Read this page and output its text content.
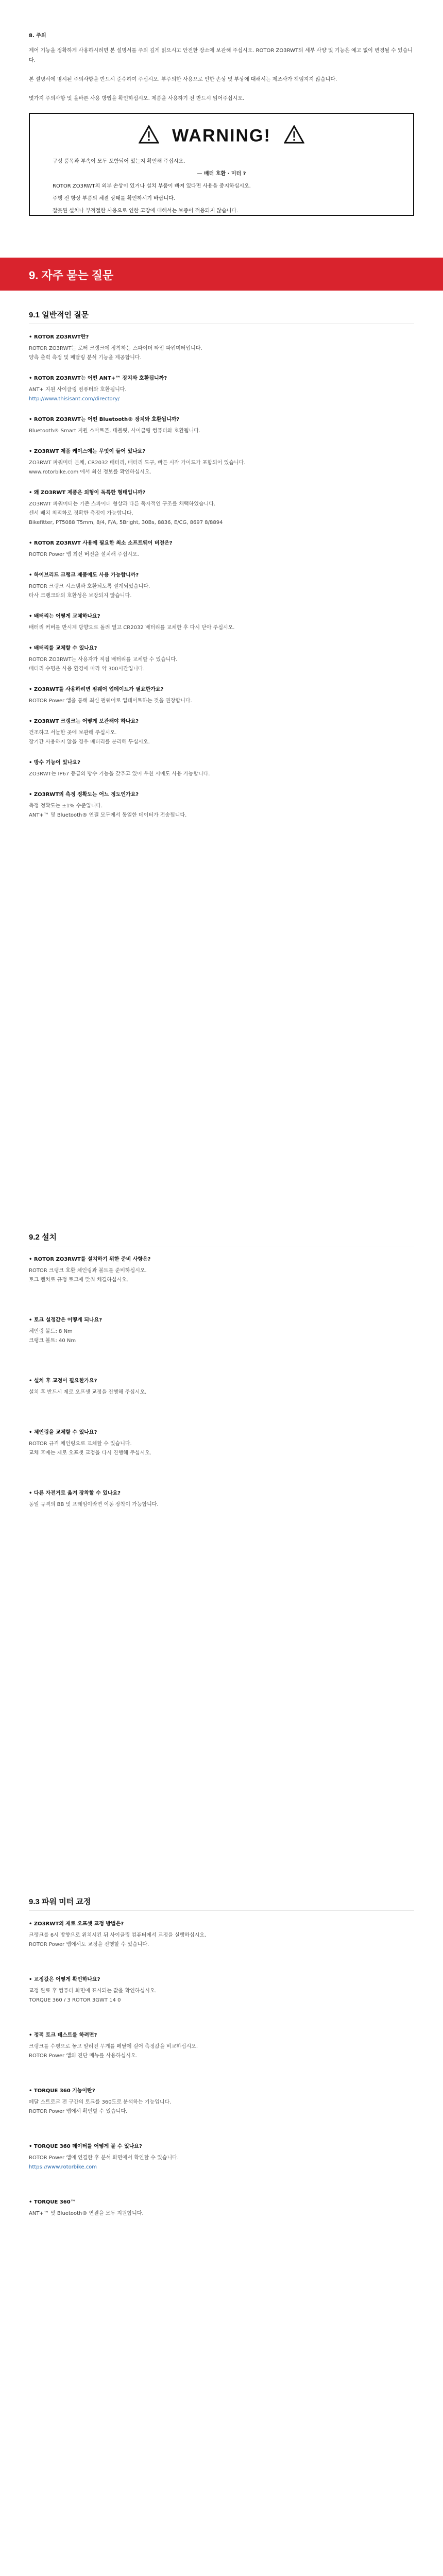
8. 주의

제어 기능을 정확하게 사용하시려면 본 설명서를 주의 깊게 읽으시고 안전한 장소에 보관해 주십시오. ROTOR ZO3RWT의 세부 사양 및 기능은 예고 없이 변경될 수 있습니다.

본 설명서에 명시된 주의사항을 반드시 준수하여 주십시오. 부주의한 사용으로 인한 손상 및 부상에 대해서는 제조사가 책임지지 않습니다.

몇가지 주의사항 및 올바른 사용 방법을 확인하십시오. 제품을 사용하기 전 반드시 읽어주십시오.

WARNING!

구성 품목과 부속이 모두 포함되어 있는지 확인해 주십시오.

— 배터 호환 · 미터 ?

ROTOR ZO3RWT의 외부 손상이 있거나 설치 부품이 빠져 있다면 사용을 중지하십시오.

주행 전 항상 부품의 체결 상태를 확인하시기 바랍니다.

잘못된 설치나 부적절한 사용으로 인한 고장에 대해서는 보증이 적용되지 않습니다.

9. 자주 묻는 질문
9.1 일반적인 질문
• ROTOR ZO3RWT란?

ROTOR ZO3RWT는 로터 크랭크에 장착하는 스파이더 타입 파워미터입니다.

양측 출력 측정 및 페달링 분석 기능을 제공합니다.

• ROTOR ZO3RWT는 어떤 ANT+™ 장치와 호환됩니까?

ANT+ 지원 사이클링 컴퓨터와 호환됩니다.

http://www.thisisant.com/directory/

• ROTOR ZO3RWT는 어떤 Bluetooth® 장치와 호환됩니까?

Bluetooth® Smart 지원 스마트폰, 태블릿, 사이클링 컴퓨터와 호환됩니다.

• ZO3RWT 제품 케이스에는 무엇이 들어 있나요?

ZO3RWT 파워미터 본체, CR2032 배터리, 배터리 도구, 빠른 시작 가이드가 포함되어 있습니다.

www.rotorbike.com 에서 최신 정보를 확인하십시오.

• 왜 ZO3RWT 제품은 외형이 독특한 형태입니까?

ZO3RWT 파워미터는 기존 스파이더 형상과 다른 독자적인 구조를 채택하였습니다.

센서 배치 최적화로 정확한 측정이 가능합니다.

Bikefitter, PT5088 T5mm, 8/4, F/A, 5Bright, 30Bs, 8836, E/CG, 8697 8/8894

• ROTOR ZO3RWT 사용에 필요한 최소 소프트웨어 버전은?

ROTOR Power 앱 최신 버전을 설치해 주십시오.

• 하이브리드 크랭크 제품에도 사용 가능합니까?

ROTOR 크랭크 시스템과 호환되도록 설계되었습니다.

타사 크랭크와의 호환성은 보장되지 않습니다.

• 배터리는 어떻게 교체하나요?

배터리 커버를 반시계 방향으로 돌려 열고 CR2032 배터리를 교체한 후 다시 닫아 주십시오.

• 배터리를 교체할 수 있나요?

ROTOR ZO3RWT는 사용자가 직접 배터리를 교체할 수 있습니다.

배터리 수명은 사용 환경에 따라 약 300시간입니다.

• ZO3RWT를 사용하려면 펌웨어 업데이트가 필요한가요?

ROTOR Power 앱을 통해 최신 펌웨어로 업데이트하는 것을 권장합니다.

• ZO3RWT 크랭크는 어떻게 보관해야 하나요?

건조하고 서늘한 곳에 보관해 주십시오.

장기간 사용하지 않을 경우 배터리를 분리해 두십시오.

• 방수 기능이 있나요?

ZO3RWT는 IP67 등급의 방수 기능을 갖추고 있어 우천 시에도 사용 가능합니다.

• ZO3RWT의 측정 정확도는 어느 정도인가요?

측정 정확도는 ±1% 수준입니다.

ANT+™ 및 Bluetooth® 연결 모두에서 동일한 데이터가 전송됩니다.

9.2 설치
• ROTOR ZO3RWT를 설치하기 위한 준비 사항은?

ROTOR 크랭크 호환 체인링과 볼트를 준비하십시오.

토크 렌치로 규정 토크에 맞춰 체결하십시오.

• 토크 설정값은 어떻게 되나요?

체인링 볼트: 8 Nm

크랭크 볼트: 40 Nm

• 설치 후 교정이 필요한가요?

설치 후 반드시 제로 오프셋 교정을 진행해 주십시오.

• 체인링을 교체할 수 있나요?

ROTOR 규격 체인링으로 교체할 수 있습니다.

교체 후에는 제로 오프셋 교정을 다시 진행해 주십시오.

• 다른 자전거로 옮겨 장착할 수 있나요?

동일 규격의 BB 및 프레임이라면 이동 장착이 가능합니다.

9.3 파워 미터 교정
• ZO3RWT의 제로 오프셋 교정 방법은?

크랭크를 6시 방향으로 위치시킨 뒤 사이클링 컴퓨터에서 교정을 실행하십시오.

ROTOR Power 앱에서도 교정을 진행할 수 있습니다.

• 교정값은 어떻게 확인하나요?

교정 완료 후 컴퓨터 화면에 표시되는 값을 확인하십시오.

TORQUE 360 / 3 ROTOR 3GWT 14 0

• 정적 토크 테스트를 하려면?

크랭크를 수평으로 놓고 알려진 무게를 페달에 걸어 측정값을 비교하십시오.

ROTOR Power 앱의 진단 메뉴를 사용하십시오.

• TORQUE 360 기능이란?

페달 스트로크 전 구간의 토크를 360도로 분석하는 기능입니다.

ROTOR Power 앱에서 확인할 수 있습니다.

• TORQUE 360 데이터를 어떻게 볼 수 있나요?

ROTOR Power 앱에 연결한 후 분석 화면에서 확인할 수 있습니다.

https://www.rotorbike.com

• TORQUE 360™

ANT+™ 및 Bluetooth® 연결을 모두 지원합니다.
